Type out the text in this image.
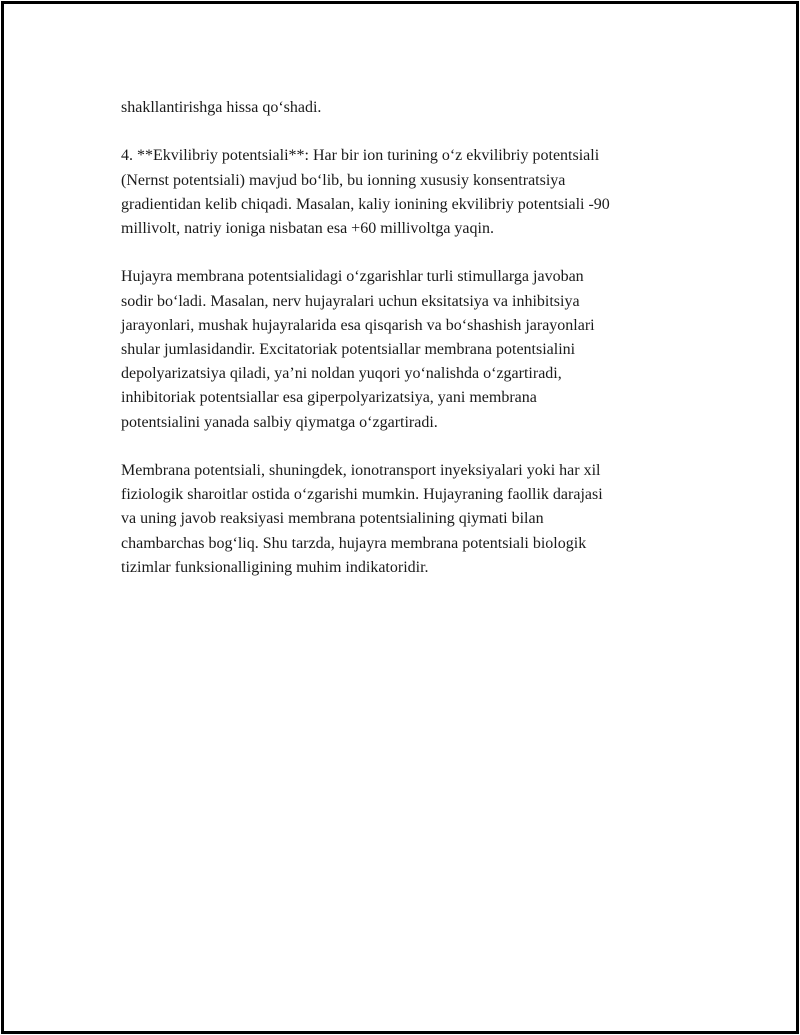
shakllantirishga hissa qo‘shadi.

4. **Ekvilibriy potentsiali**: Har bir ion turining o‘z ekvilibriy potentsiali
(Nernst potentsiali) mavjud bo‘lib, bu ionning xususiy konsentratsiya
gradientidan kelib chiqadi. Masalan, kaliy ionining ekvilibriy potentsiali -90
millivolt, natriy ioniga nisbatan esa +60 millivoltga yaqin.

Hujayra membrana potentsialidagi o‘zgarishlar turli stimullarga javoban
sodir bo‘ladi. Masalan, nerv hujayralari uchun eksitatsiya va inhibitsiya
jarayonlari, mushak hujayralarida esa qisqarish va bo‘shashish jarayonlari
shular jumlasidandir. Excitatoriak potentsiallar membrana potentsialini
depolyarizatsiya qiladi, ya’ni noldan yuqori yo‘nalishda o‘zgartiradi,
inhibitoriak potentsiallar esa giperpolyarizatsiya, yani membrana
potentsialini yanada salbiy qiymatga o‘zgartiradi.

Membrana potentsiali, shuningdek, ionotransport inyeksiyalari yoki har xil
fiziologik sharoitlar ostida o‘zgarishi mumkin. Hujayraning faollik darajasi
va uning javob reaksiyasi membrana potentsialining qiymati bilan
chambarchas bog‘liq. Shu tarzda, hujayra membrana potentsiali biologik
tizimlar funksionalligining muhim indikatoridir.
